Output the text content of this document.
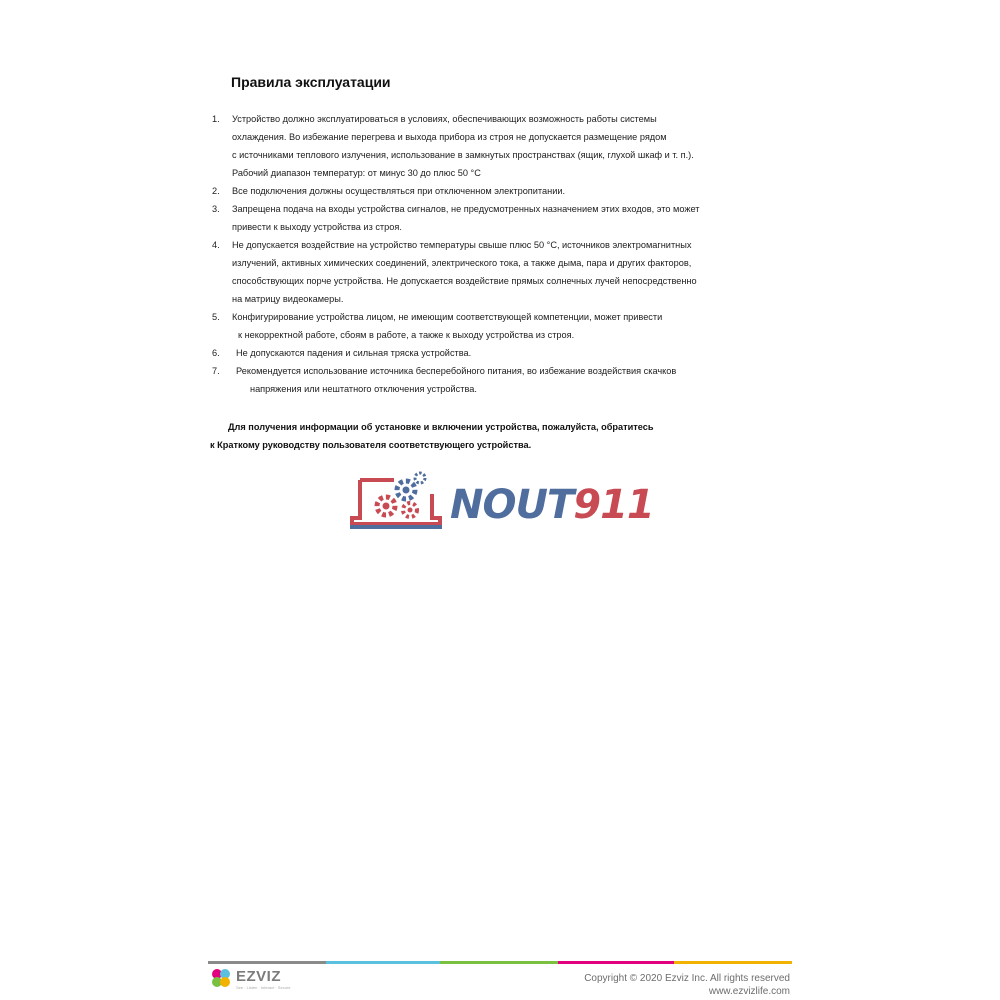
Правила эксплуатации
1.	Устройство должно эксплуатироваться в условиях, обеспечивающих возможность работы системы
охлаждения. Во избежание перегрева и выхода прибора из строя не допускается размещение рядом
с источниками теплового излучения, использование в замкнутых пространствах (ящик, глухой шкаф и т. п.).
Рабочий диапазон температур: от минус 30 до плюс 50 °C
2.	Все подключения должны осуществляться при отключенном электропитании.
3.	Запрещена подача на входы устройства сигналов, не предусмотренных назначением этих входов, это может
привести к выходу устройства из строя.
4.	Не допускается воздействие на устройство температуры свыше плюс 50 °C, источников электромагнитных
излучений, активных химических соединений, электрического тока, а также дыма, пара и других факторов,
способствующих порче устройства. Не допускается воздействие прямых солнечных лучей непосредственно
на матрицу видеокамеры.
5.	Конфигурирование устройства лицом, не имеющим соответствующей компетенции, может привести
к некорректной работе, сбоям в работе, а также к выходу устройства из строя.
6.	Не допускаются падения и сильная тряска устройства.
7.	Рекомендуется использование источника бесперебойного питания, во избежание воздействия скачков
напряжения или нештатного отключения устройства.
Для получения информации об установке и включении устройства, пожалуйста, обратитесь
к Краткому руководству пользователя соответствующего устройства.
NOUT911
EZVIZ
See · Listen · Interact · Secure
Copyright © 2020 Ezviz Inc. All rights reserved
www.ezvizlife.com
